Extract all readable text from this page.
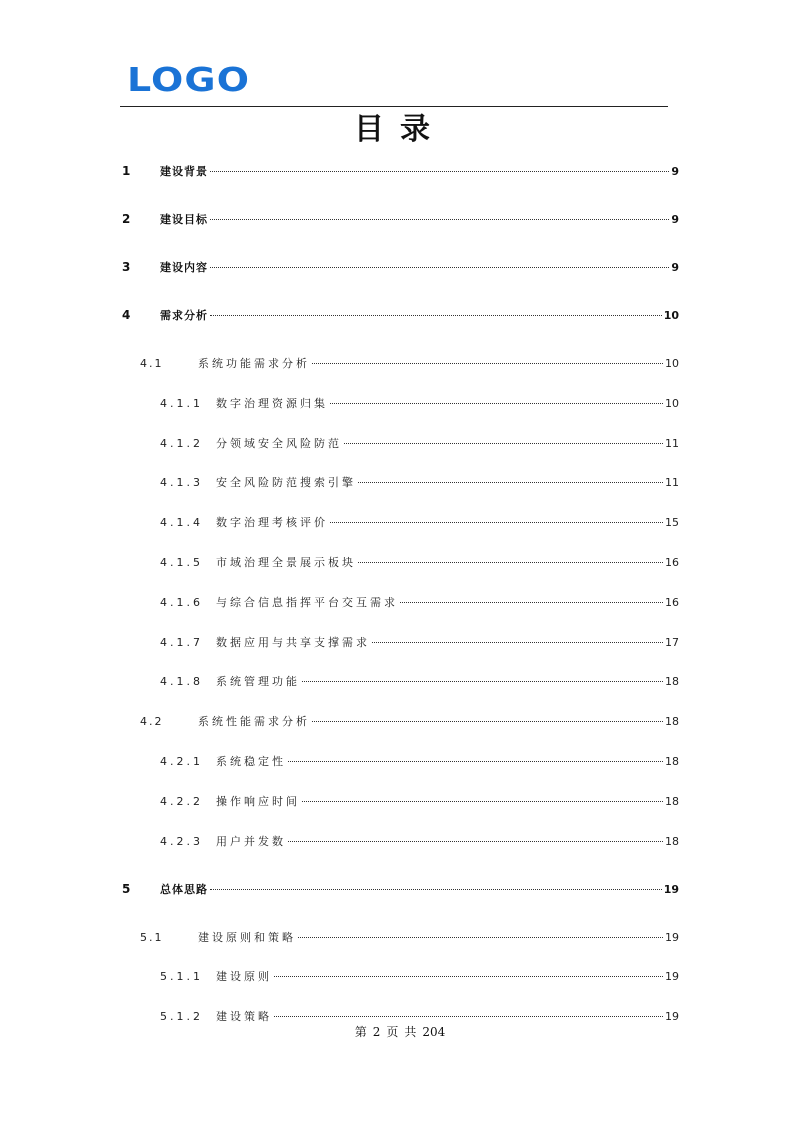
LOGO
目录
1	建设背景	9
2	建设目标	9
3	建设内容	9
4	需求分析	10
4.1	系统功能需求分析	10
4.1.1	数字治理资源归集	10
4.1.2	分领域安全风险防范	11
4.1.3	安全风险防范搜索引擎	11
4.1.4	数字治理考核评价	15
4.1.5	市域治理全景展示板块	16
4.1.6	与综合信息指挥平台交互需求	16
4.1.7	数据应用与共享支撑需求	17
4.1.8	系统管理功能	18
4.2	系统性能需求分析	18
4.2.1	系统稳定性	18
4.2.2	操作响应时间	18
4.2.3	用户并发数	18
5	总体思路	19
5.1	建设原则和策略	19
5.1.1	建设原则	19
5.1.2	建设策略	19
第 2 页 共 204
